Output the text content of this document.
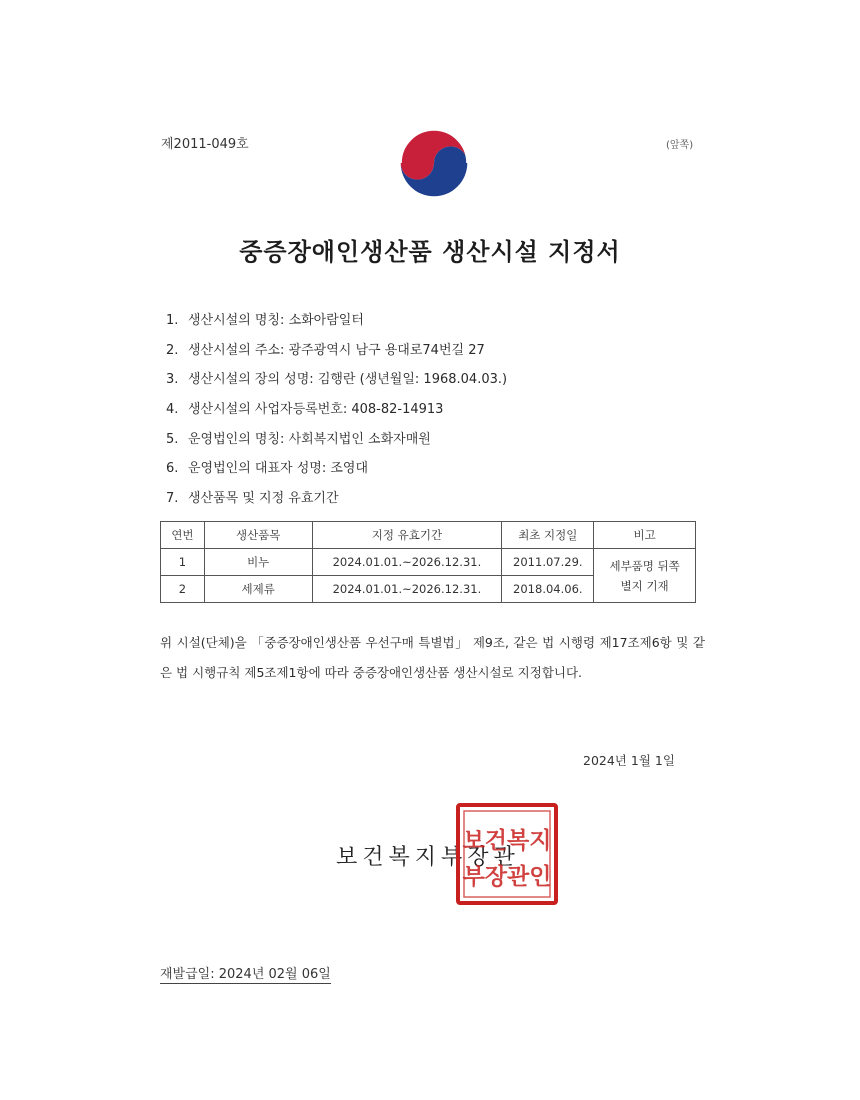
제2011-049호	(앞쪽)
중증장애인생산품 생산시설 지정서
1. 생산시설의 명칭: 소화아람일터
2. 생산시설의 주소: 광주광역시 남구 용대로74번길 27
3. 생산시설의 장의 성명: 김행란 (생년월일: 1968.04.03.)
4. 생산시설의 사업자등록번호: 408-82-14913
5. 운영법인의 명칭: 사회복지법인 소화자매원
6. 운영법인의 대표자 성명: 조영대
7. 생산품목 및 지정 유효기간
연번	생산품목	지정 유효기간	최초 지정일	비고
1	비누	2024.01.01.~2026.12.31.	2011.07.29.	세부품명 뒤쪽 별지 기재
2	세제류	2024.01.01.~2026.12.31.	2018.04.06.	
위 시설(단체)을 「중증장애인생산품 우선구매 특별법」 제9조, 같은 법 시행령 제17조제6항 및 같은 법 시행규칙 제5조제1항에 따라 중증장애인생산품 생산시설로 지정합니다.
2024년 1월 1일
보건복지부장관
보건복지
부장관인
재발급일: 2024년 02월 06일
